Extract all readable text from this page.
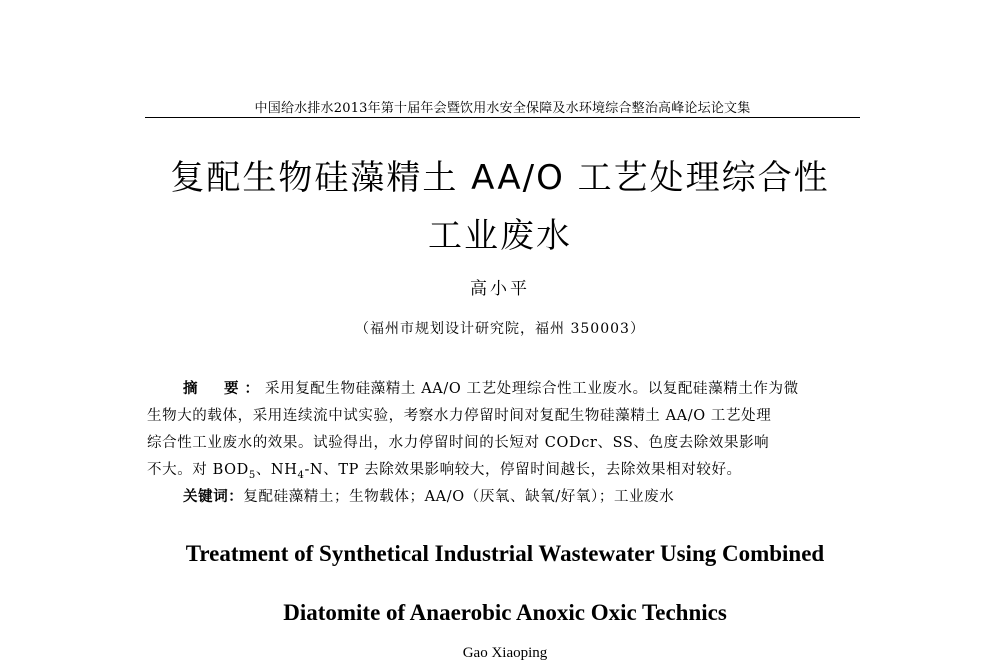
中国给水排水2013年第十届年会暨饮用水安全保障及水环境综合整治高峰论坛论文集
复配生物硅藻精土 AA/O 工艺处理综合性
工业废水
高小平
（福州市规划设计研究院，福州 350003）
摘　要：采用复配生物硅藻精土 AA/O 工艺处理综合性工业废水。以复配硅藻精土作为微
生物大的载体，采用连续流中试实验，考察水力停留时间对复配生物硅藻精土 AA/O 工艺处理
综合性工业废水的效果。试验得出，水力停留时间的长短对 CODcr、SS、色度去除效果影响
不大。对 $BOD_5$、$NH_4-N$、TP 去除效果影响较大，停留时间越长，去除效果相对较好。
关键词：复配硅藻精土；生物载体；AA/O（厌氧、缺氧/好氧）；工业废水
Treatment of Synthetical Industrial Wastewater Using Combined
Diatomite of Anaerobic Anoxic Oxic Technics
Gao Xiaoping
